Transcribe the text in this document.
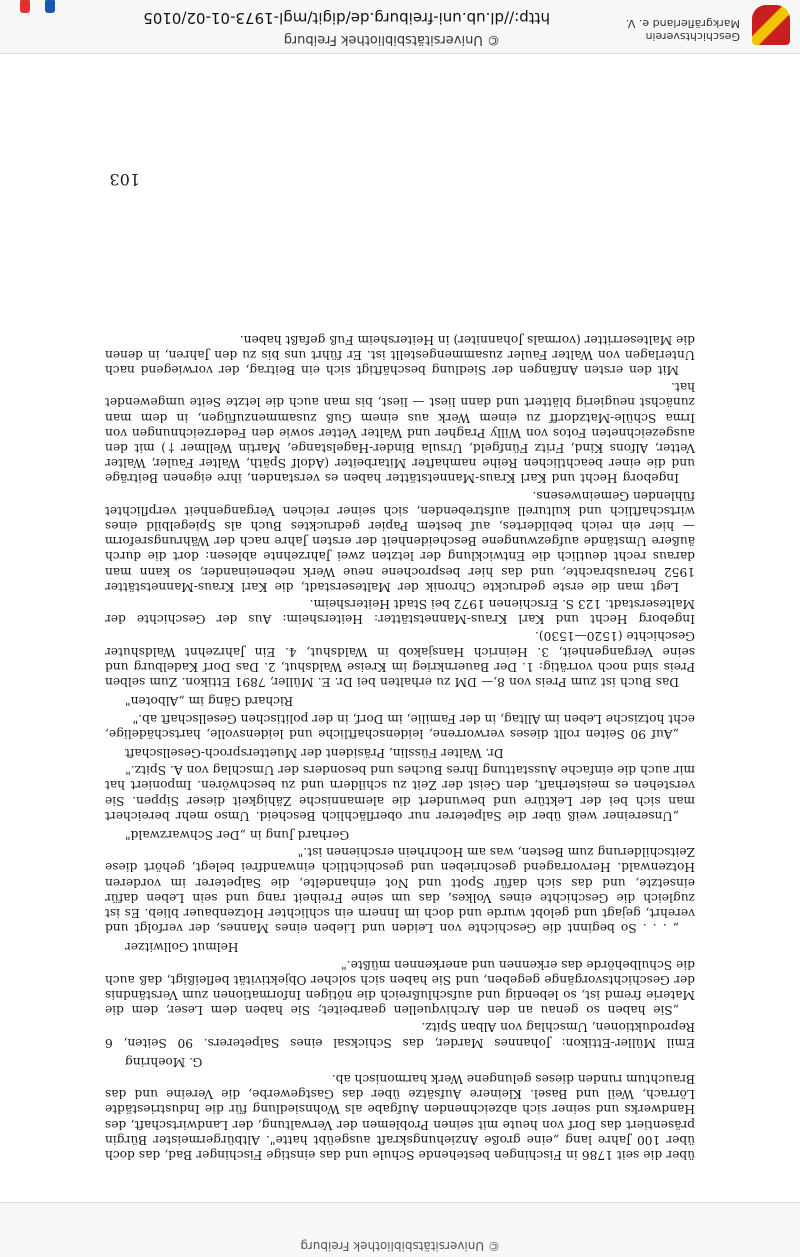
© Universitätsbibliothek Freiburg

über die seit 1786 in Fischingen bestehende Schule und das einstige Fischinger Bad, das doch über 100 Jahre lang „eine große Anziehungskraft ausgeübt hatte". Altbürgermeister Bürgin präsentiert das Dorf von heute mit seinen Problemen der Verwaltung, der Landwirtschaft, des Handwerks und seiner sich abzeichnenden Aufgabe als Wohnsiedlung für die Industriestädte Lörrach, Weil und Basel. Kleinere Aufsätze über das Gastgewerbe, die Vereine und das Brauchtum runden dieses gelungene Werk harmonisch ab.

G. Moehring

Emil Müller-Ettikon: Johannes Marder, das Schicksal eines Salpeterers. 90 Seiten, 6 Reproduktionen, Umschlag von Alban Spitz.

„Sie haben so genau an den Archivquellen gearbeitet; Sie haben dem Leser, dem die Materie fremd ist, so lebendig und aufschlußreich die nötigen Informationen zum Verständnis der Geschichtsvorgänge gegeben, und Sie haben sich solcher Objektivität befleißigt, daß auch die Schulbehörde das erkennen und anerkennen müßte."

Helmut Gollwitzer

„ . . . So beginnt die Geschichte von Leiden und Lieben eines Mannes, der verfolgt und verehrt, gejagt und gelobt wurde und doch im Innern ein schlichter Hotzenbauer blieb. Es ist zugleich die Geschichte eines Volkes, das um seine Freiheit rang und sein Leben dafür einsetzte, und das sich dafür Spott und Not einhandelte, die Salpeterer im vorderen Hotzenwald. Hervorragend geschrieben und geschichtlich einwandfrei belegt, gehört diese Zeitschilderung zum Besten, was am Hochrhein erschienen ist."

Gerhard Jung in „Der Schwarzwald"

„Unsereiner weiß über die Salpeterer nur oberflächlich Bescheid. Umso mehr bereichert man sich bei der Lektüre und bewundert die alemannische Zähigkeit dieser Sippen. Sie verstehen es meisterhaft, den Geist der Zeit zu schildern und zu beschwören. Imponiert hat mir auch die einfache Ausstattung Ihres Buches und besonders der Umschlag von A. Spitz."

Dr. Walter Füsslin, Präsident der Muettersproch-Gesellschaft

„Auf 90 Seiten rollt dieses verworrene, leidenschaftliche und leidensvolle, hartschädelige, echt hotzische Leben im Alltag, in der Familie, im Dorf, in der politischen Gesellschaft ab."

Richard Gäng im „Alboten"

Das Buch ist zum Preis von 8,— DM zu erhalten bei Dr. E. Müller, 7891 Ettikon. Zum selben Preis sind noch vorrätig: 1. Der Bauernkrieg im Kreise Waldshut, 2. Das Dorf Kadelburg und seine Vergangenheit, 3. Heinrich Hansjakob in Waldshut, 4. Ein Jahrzehnt Waldshuter Geschichte (1520—1530).

Ingeborg Hecht und Karl Kraus-Mannetstätter: Heitersheim: Aus der Geschichte der Malteserstadt. 123 S. Erschienen 1972 bei Stadt Heitersheim.

Legt man die erste gedruckte Chronik der Malteserstadt, die Karl Kraus-Mannetstätter 1952 herausbrachte, und das hier besprochene neue Werk nebeneinander, so kann man daraus recht deutlich die Entwicklung der letzten zwei Jahrzehnte ablesen: dort die durch äußere Umstände aufgezwungene Bescheidenheit der ersten Jahre nach der Währungsreform — hier ein reich bebildertes, auf bestem Papier gedrucktes Buch als Spiegelbild eines wirtschaftlich und kulturell aufstrebenden, sich seiner reichen Vergangenheit verpflichtet fühlenden Gemeinwesens.

Ingeborg Hecht und Karl Kraus-Mannetstätter haben es verstanden, ihre eigenen Beiträge und die einer beachtlichen Reihe namhafter Mitarbeiter (Adolf Späth, Walter Fauler, Walter Vetter, Alfons Kind, Fritz Fünfgeld, Ursula Binder-Hagelstange, Martin Wellmer †) mit den ausgezeichneten Fotos von Willy Pragher und Walter Vetter sowie den Federzeichnungen von Irma Schüle-Matzdorff zu einem Werk aus einem Guß zusammenzufügen, in dem man zunächst neugierig blättert und dann liest — liest, bis man auch die letzte Seite umgewendet hat.

Mit den ersten Anfängen der Siedlung beschäftigt sich ein Beitrag, der vorwiegend nach Unterlagen von Walter Fauler zusammengestellt ist. Er führt uns bis zu den Jahren, in denen die Malteserritter (vormals Johanniter) in Heitersheim Fuß gefaßt haben.

103
http://dl.ub.uni-freiburg.de/digit/mgl-1973-01-02/0105
© Universitätsbibliothek Freiburg	Geschichtsverein Markgräflerland e. V.
